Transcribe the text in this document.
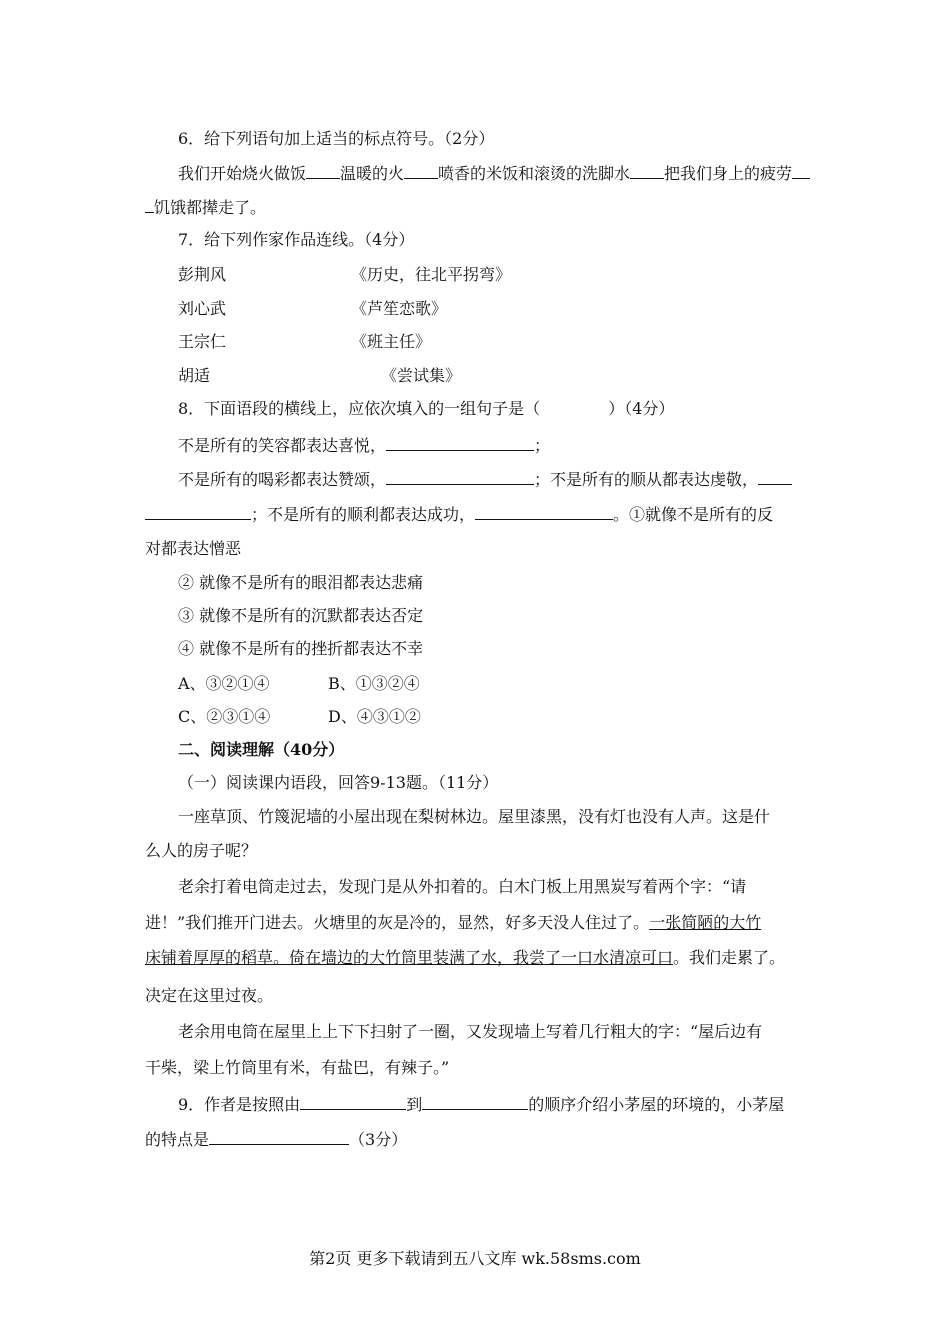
6．给下列语句加上适当的标点符号。（2分）
我们开始烧火做饭 温暖的火 喷香的米饭和滚烫的洗脚水 把我们身上的疲劳
饥饿都撵走了。
7．给下列作家作品连线。（4分）
彭荆风	《历史，往北平拐弯》
刘心武	《芦笙恋歌》
王宗仁	《班主任》
胡适	《尝试集》
8．下面语段的横线上，应依次填入的一组句子是（	）（4分）
不是所有的笑容都表达喜悦，	；
不是所有的喝彩都表达赞颂，	；不是所有的顺从都表达虔敬，
；不是所有的顺利都表达成功，	。①就像不是所有的反
对都表达憎恶
② 就像不是所有的眼泪都表达悲痛
③ 就像不是所有的沉默都表达否定
④ 就像不是所有的挫折都表达不幸
A、③②①④	B、①③②④
C、②③①④	D、④③①②
二、阅读理解（40分）
（一）阅读课内语段，回答9-13题。（11分）
一座草顶、竹篾泥墙的小屋出现在梨树林边。屋里漆黑，没有灯也没有人声。这是什
么人的房子呢？
老余打着电筒走过去，发现门是从外扣着的。白木门板上用黑炭写着两个字：“请
进！”我们推开门进去。火塘里的灰是冷的，显然，好多天没人住过了。一张简陋的大竹
床铺着厚厚的稻草。倚在墙边的大竹筒里装满了水，我尝了一口水清凉可口。我们走累了。
决定在这里过夜。
老余用电筒在屋里上上下下扫射了一圈，又发现墙上写着几行粗大的字：“屋后边有
干柴，梁上竹筒里有米，有盐巴，有辣子。”
9．作者是按照由	到	的顺序介绍小茅屋的环境的，小茅屋
的特点是	（3分）
第2页 更多下载请到五八文库 wk.58sms.com
